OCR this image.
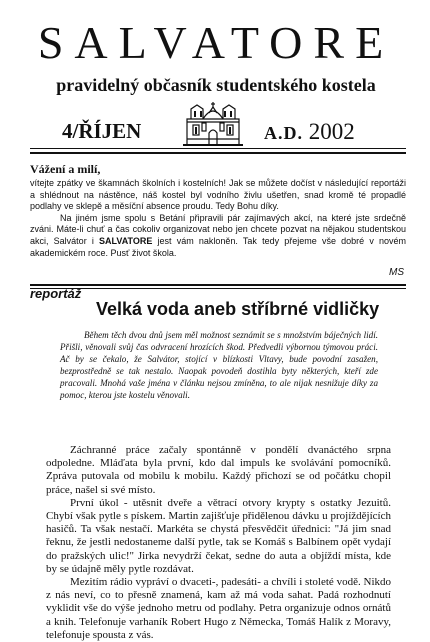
SALVATORE
pravidelný občasník studentského kostela
4/ŘÍJEN	A.D. 2002
Vážení a milí,

vítejte zpátky ve škamnách školních i kostelních! Jak se můžete dočíst v následující reportáži a shlédnout na nástěnce, náš kostel byl vodního živlu ušetřen, snad kromě té propadlé podlahy ve sklepě a měsíční absence proudu. Tedy Bohu díky.

Na jiném jsme spolu s Betání připravili pár zajímavých akcí, na které jste srdečně zváni. Máte-li chuť a čas cokoliv organizovat nebo jen chcete pozvat na nějakou studentskou akci, Salvátor i SALVATORE jest vám nakloněn. Tak tedy přejeme vše dobré v novém akademickém roce. Pusť život škola.

MS
reportáž
Velká voda aneb stříbrné vidličky

Během těch dvou dnů jsem měl možnost seznámit se s množstvím báječných lidí. Přišli, věnovali svůj čas odvracení hrozících škod. Předvedli výbornou týmovou práci. Ač by se čekalo, že Salvátor, stojící v blízkosti Vltavy, bude povodní zasažen, bezprostředně se tak nestalo. Naopak povodeň dostihla byty některých, kteří zde pracovali. Mnohá vaše jména v článku nejsou zmíněna, to ale nijak nesnižuje díky za pomoc, kterou jste kostelu věnovali.

Záchranné práce začaly spontánně v pondělí dvanáctého srpna odpoledne. Mláďata byla první, kdo dal impuls ke svolávání pomocníků. Zpráva putovala od mobilu k mobilu. Každý přichozí se od počátku chopil práce, našel si své místo.

První úkol - utěsnit dveře a větrací otvory krypty s ostatky Jezuitů. Chybí však pytle s pískem. Martin zajišťuje přidělenou dávku u projíždějících hasičů. Ta však nestačí. Markéta se chystá přesvědčit úřednici: "Já jim snad řeknu, že jestli nedostaneme další pytle, tak se Komáš s Balbínem opět vydají do pražských ulic!" Jirka nevydrží čekat, sedne do auta a objíždí místa, kde by se údajně měly pytle rozdávat.

Mezitím rádio vypráví o dvaceti-, padesáti- a chvíli i stoleté vodě. Nikdo z nás neví, co to přesně znamená, kam až má voda sahat. Padá rozhodnutí vyklidit vše do výše jednoho metru od podlahy. Petra organizuje odnos ornátů a knih. Telefonuje varhaník Robert Hugo z Německa, Tomáš Halík z Moravy, telefonuje spousta z vás.
